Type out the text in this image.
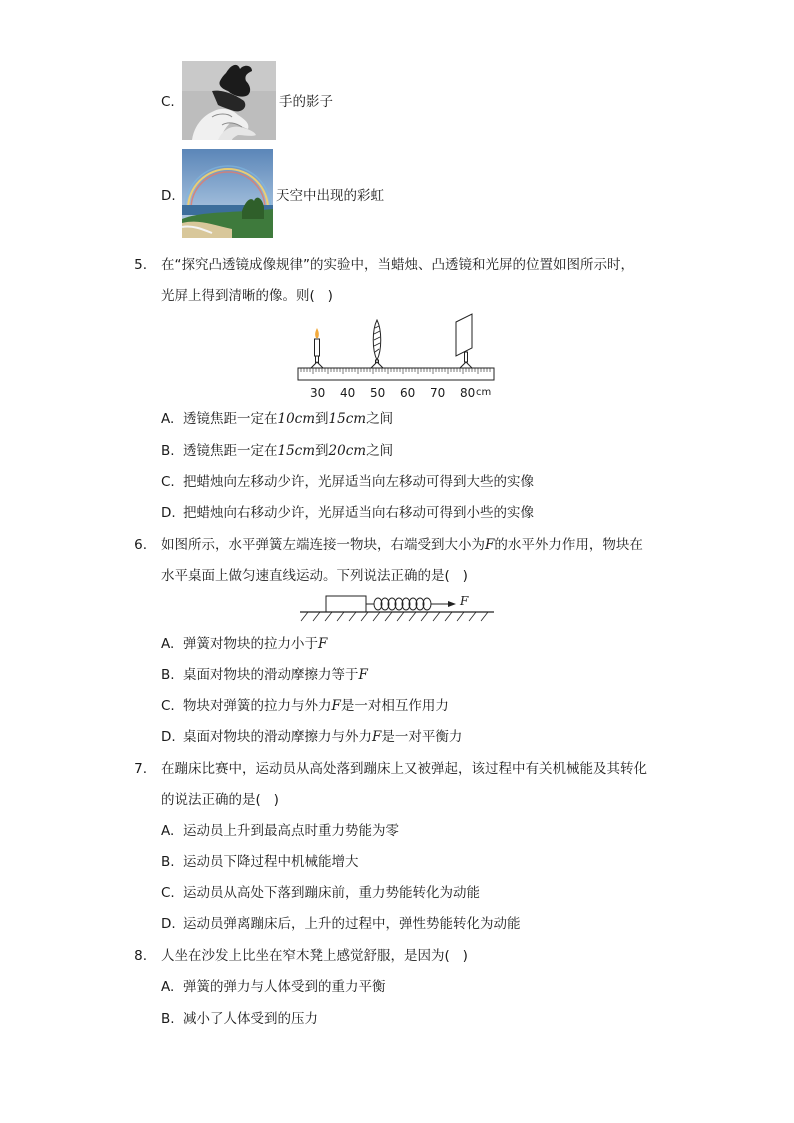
C.	手的影子
D.	天空中出现的彩虹
5. 在“探究凸透镜成像规律”的实验中，当蜡烛、凸透镜和光屏的位置如图所示时，
光屏上得到清晰的像。则( )
30 40 50 60 70 80 cm
A. 透镜焦距一定在10cm到15cm之间
B. 透镜焦距一定在15cm到20cm之间
C. 把蜡烛向左移动少许，光屏适当向左移动可得到大些的实像
D. 把蜡烛向右移动少许，光屏适当向右移动可得到小些的实像
6. 如图所示，水平弹簧左端连接一物块，右端受到大小为F的水平外力作用，物块在
水平桌面上做匀速直线运动。下列说法正确的是( )
F
A. 弹簧对物块的拉力小于F
B. 桌面对物块的滑动摩擦力等于F
C. 物块对弹簧的拉力与外力F是一对相互作用力
D. 桌面对物块的滑动摩擦力与外力F是一对平衡力
7. 在蹦床比赛中，运动员从高处落到蹦床上又被弹起，该过程中有关机械能及其转化
的说法正确的是( )
A. 运动员上升到最高点时重力势能为零
B. 运动员下降过程中机械能增大
C. 运动员从高处下落到蹦床前，重力势能转化为动能
D. 运动员弹离蹦床后，上升的过程中，弹性势能转化为动能
8. 人坐在沙发上比坐在窄木凳上感觉舒服，是因为( )
A. 弹簧的弹力与人体受到的重力平衡
B. 减小了人体受到的压力
